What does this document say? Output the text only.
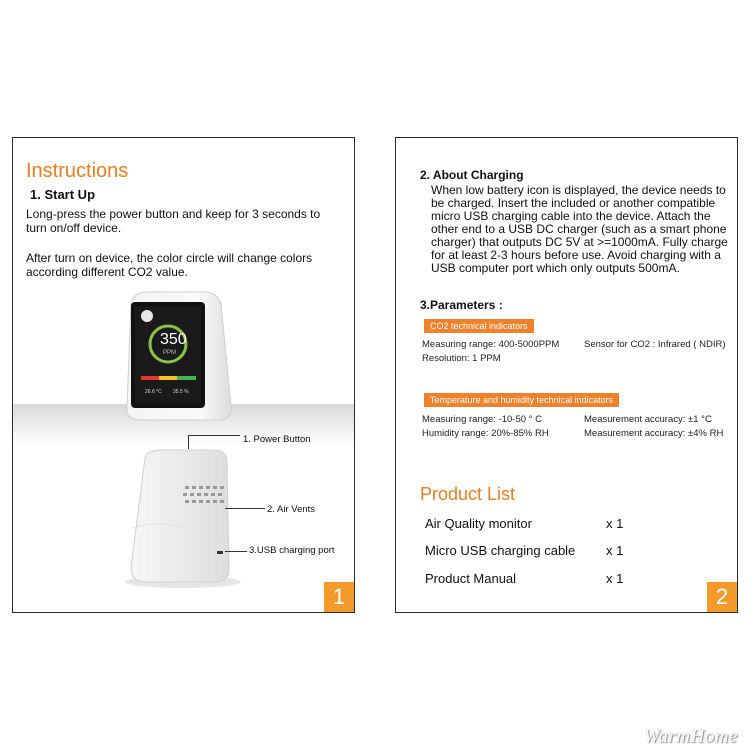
Instructions
1. Start Up
Long-press the power button and keep for 3 seconds to
turn on/off device.
After turn on device, the color circle will change colors
according different CO2 value.
350
PPM
26.6 °C 35.5 %
1. Power Button
2. Air Vents
3.USB charging port
1
2. About Charging
When low battery icon is displayed, the device needs to
be charged. Insert the included or another compatible
micro USB charging cable into the device. Attach the
other end to a USB DC charger (such as a smart phone
charger) that outputs DC 5V at >=1000mA. Fully charge
for at least 2-3 hours before use. Avoid charging with a
USB computer port which only outputs 500mA.
3.Parameters :
CO2 technical indicators
Measuring range: 400-5000PPM	Sensor for CO2 : Infrared ( NDIR)
Resolution: 1 PPM
Temperature and humidity technical indicators
Measuring range: -10-50 ° C	Measurement accuracy: ±1 °C
Humidity range: 20%-85% RH	Measurement accuracy: ±4% RH
Product List
Air Quality monitor	x 1
Micro USB charging cable x 1
Product Manual	x 1
2
WarmHome
